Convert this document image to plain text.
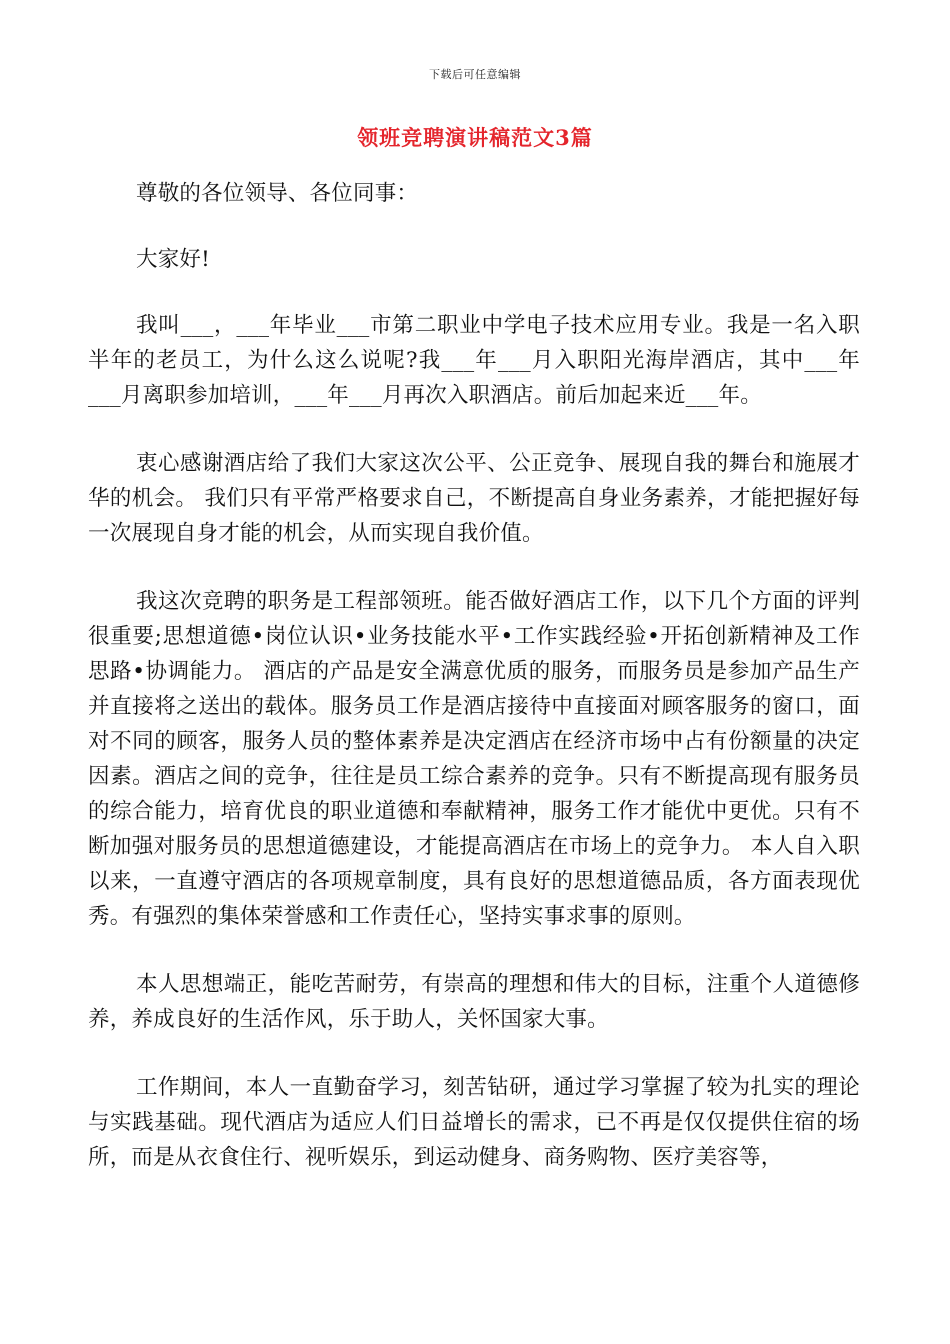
下载后可任意编辑
领班竞聘演讲稿范文3篇

尊敬的各位领导、各位同事：

大家好!

我叫___，___年毕业___市第二职业中学电子技术应用专业。我是一名入职半年的老员工，为什么这么说呢?我___年___月入职阳光海岸酒店，其中___年___月离职参加培训，___年___月再次入职酒店。前后加起来近___年。

衷心感谢酒店给了我们大家这次公平、公正竞争、展现自我的舞台和施展才华的机会。 我们只有平常严格要求自己，不断提高自身业务素养，才能把握好每一次展现自身才能的机会，从而实现自我价值。

我这次竞聘的职务是工程部领班。能否做好酒店工作，以下几个方面的评判很重要;思想道德•岗位认识•业务技能水平•工作实践经验•开拓创新精神及工作思路•协调能力。 酒店的产品是安全满意优质的服务，而服务员是参加产品生产并直接将之送出的载体。服务员工作是酒店接待中直接面对顾客服务的窗口，面对不同的顾客，服务人员的整体素养是决定酒店在经济市场中占有份额量的决定因素。酒店之间的竞争，往往是员工综合素养的竞争。只有不断提高现有服务员的综合能力，培育优良的职业道德和奉献精神，服务工作才能优中更优。只有不断加强对服务员的思想道德建设，才能提高酒店在市场上的竞争力。 本人自入职以来，一直遵守酒店的各项规章制度，具有良好的思想道德品质，各方面表现优秀。有强烈的集体荣誉感和工作责任心，坚持实事求事的原则。

本人思想端正，能吃苦耐劳，有崇高的理想和伟大的目标，注重个人道德修养，养成良好的生活作风，乐于助人，关怀国家大事。

工作期间，本人一直勤奋学习，刻苦钻研，通过学习掌握了较为扎实的理论与实践基础。现代酒店为适应人们日益增长的需求，已不再是仅仅提供住宿的场所，而是从衣食住行、视听娱乐，到运动健身、商务购物、医疗美容等，
